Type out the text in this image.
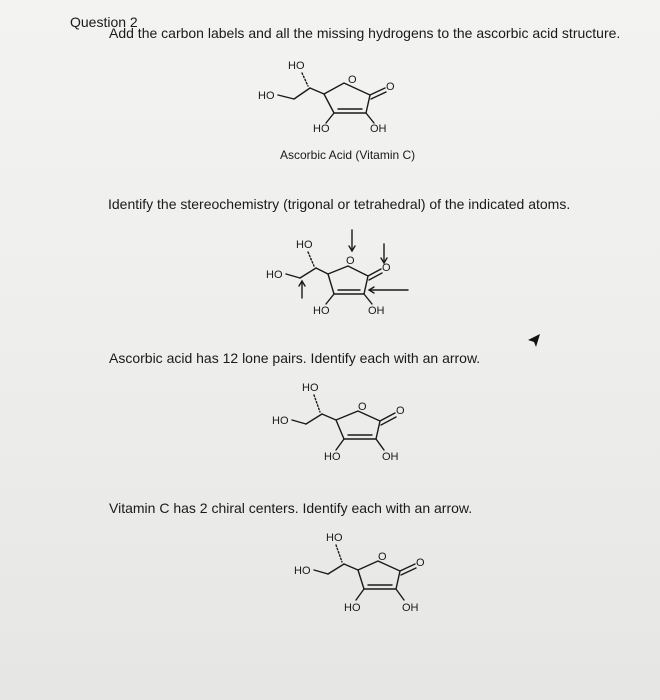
Question 2
Add the carbon labels and all the missing hydrogens to the ascorbic acid structure.
HO
HO
O
O
HO	OH
Ascorbic Acid (Vitamin C)
Identify the stereochemistry (trigonal or tetrahedral) of the indicated atoms.
HO
HO
O
O
HO	OH
Ascorbic acid has 12 lone pairs. Identify each with an arrow.
HO
HO
O	O
HO	OH
Vitamin C has 2 chiral centers. Identify each with an arrow.
HO
HO
O	O
HO	OH
